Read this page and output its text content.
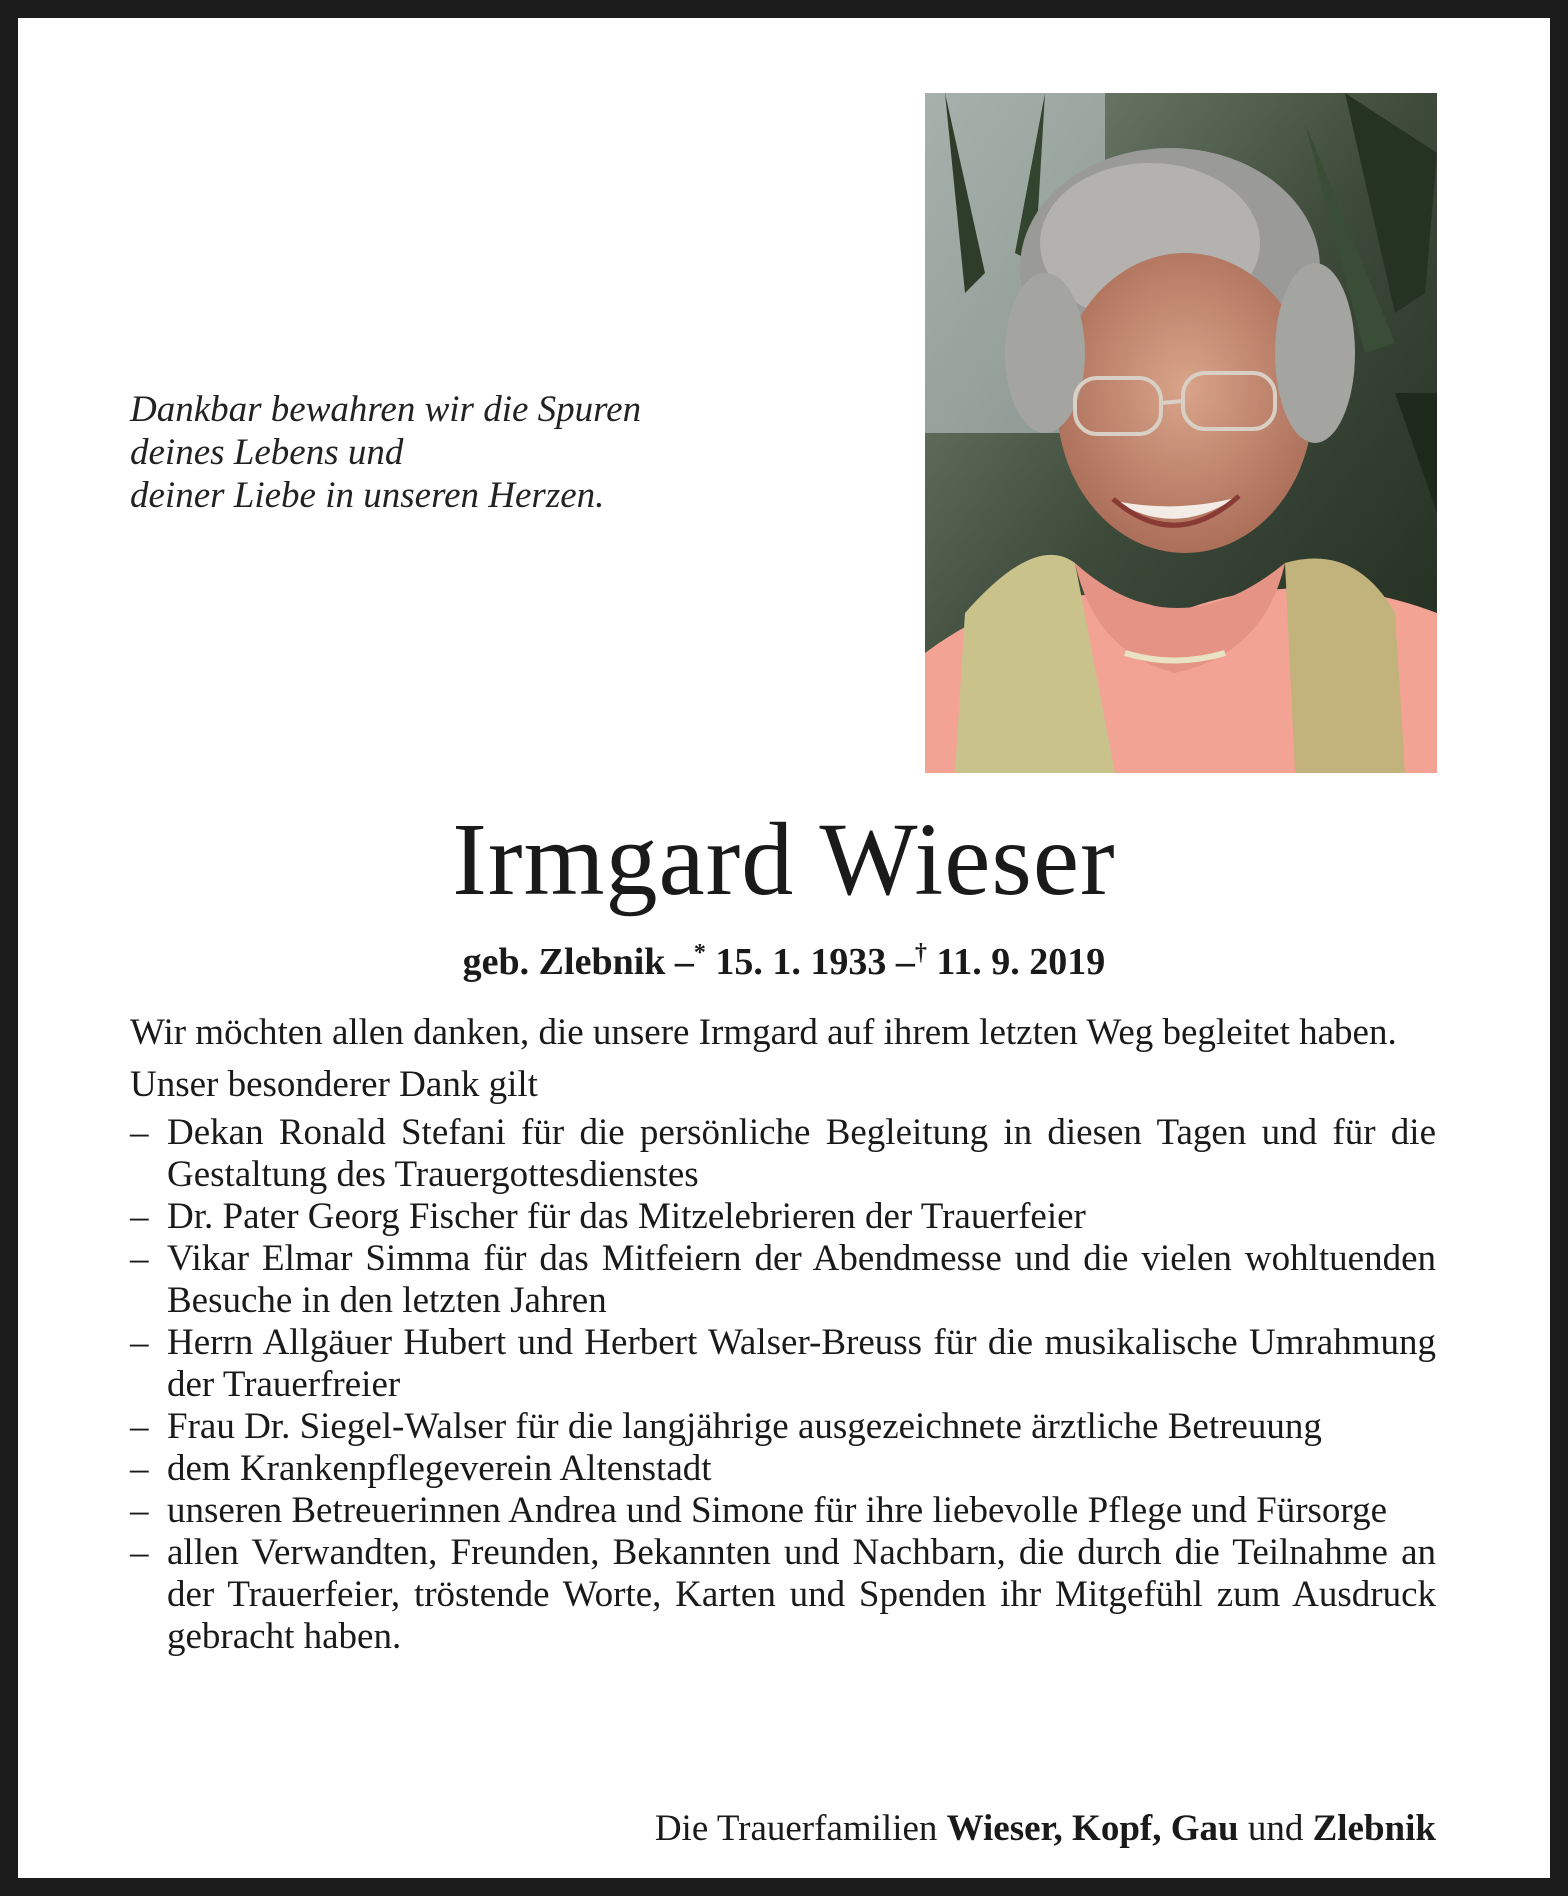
Dankbar bewahren wir die Spuren
deines Lebens und
deiner Liebe in unseren Herzen.
Irmgard Wieser
geb. Zlebnik –* 15. 1. 1933 –† 11. 9. 2019

Wir möchten allen danken, die unsere Irmgard auf ihrem letzten Weg begleitet haben.

Unser besonderer Dank gilt

– Dekan Ronald Stefani für die persönliche Begleitung in diesen Tagen und für die Gestaltung des Trauergottesdienstes
– Dr. Pater Georg Fischer für das Mitzelebrieren der Trauerfeier
– Vikar Elmar Simma für das Mitfeiern der Abendmesse und die vielen wohltuenden Besuche in den letzten Jahren
– Herrn Allgäuer Hubert und Herbert Walser-Breuss für die musikalische Umrahmung der Trauerfreier
– Frau Dr. Siegel-Walser für die langjährige ausgezeichnete ärztliche Betreuung
– dem Krankenpflegeverein Altenstadt
– unseren Betreuerinnen Andrea und Simone für ihre liebevolle Pflege und Fürsorge
– allen Verwandten, Freunden, Bekannten und Nachbarn, die durch die Teilnahme an der Trauerfeier, tröstende Worte, Karten und Spenden ihr Mitgefühl zum Ausdruck gebracht haben.
Die Trauerfamilien Wieser, Kopf, Gau und Zlebnik
